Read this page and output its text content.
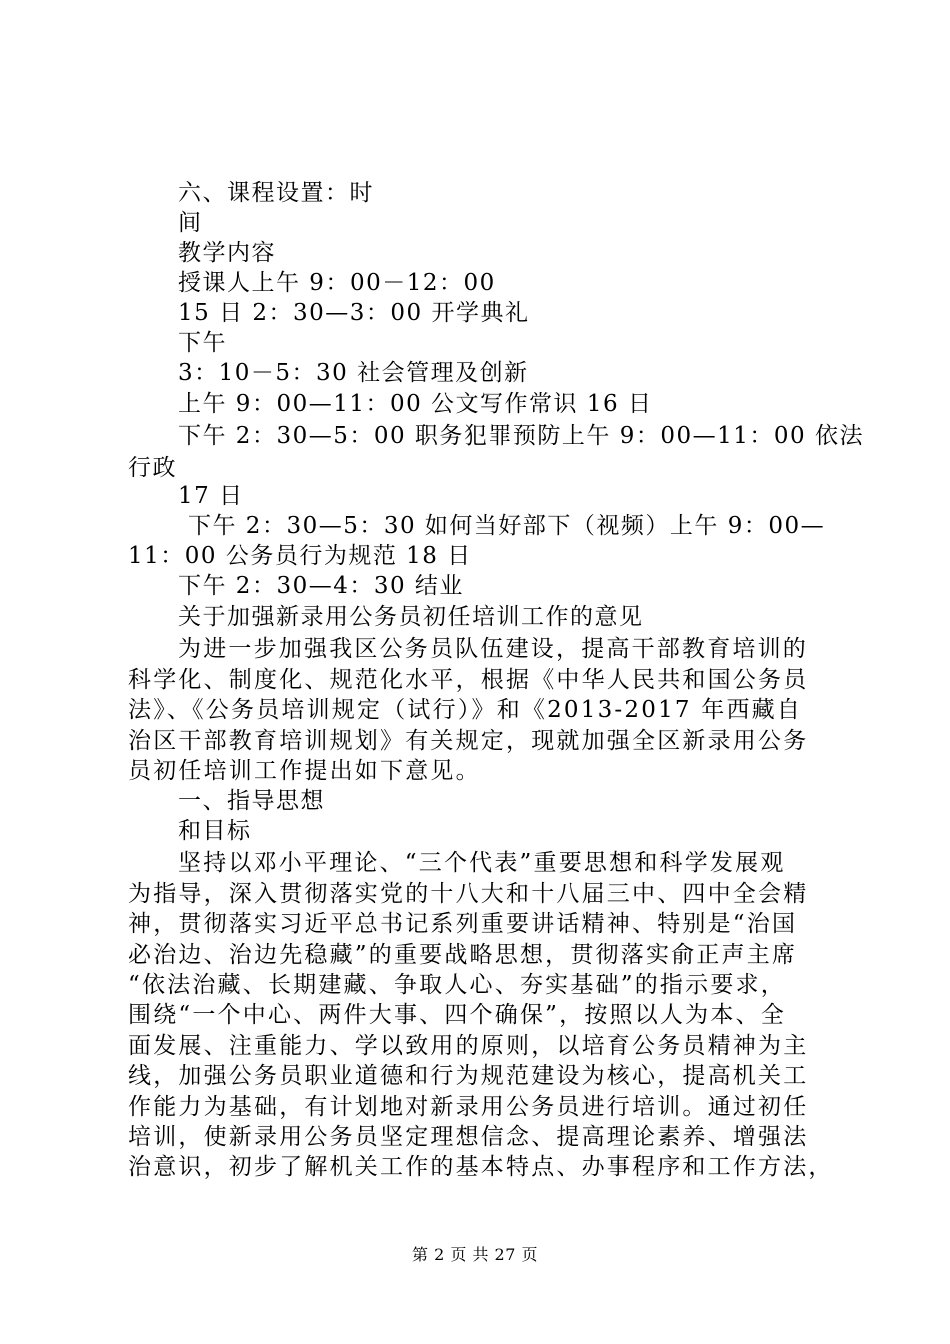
六、课程设置：时
间
教学内容
授课人上午 9：00－12：00
15 日 2：30—3：00 开学典礼
下午
3：10－5：30 社会管理及创新
上午 9：00—11：00 公文写作常识 16 日
下午 2：30—5：00 职务犯罪预防上午 9：00—11：00 依法
行政
17 日
下午 2：30—5：30 如何当好部下（视频）上午 9：00—
11：00 公务员行为规范 18 日
下午 2：30—4：30 结业
关于加强新录用公务员初任培训工作的意见
为进一步加强我区公务员队伍建设，提高干部教育培训的
科学化、制度化、规范化水平，根据《中华人民共和国公务员
法》、《公务员培训规定（试行）》和《2013-2017 年西藏自
治区干部教育培训规划》有关规定，现就加强全区新录用公务
员初任培训工作提出如下意见。
一、指导思想
和目标
坚持以邓小平理论、“三个代表”重要思想和科学发展观
为指导，深入贯彻落实党的十八大和十八届三中、四中全会精
神，贯彻落实习近平总书记系列重要讲话精神、特别是“治国
必治边、治边先稳藏”的重要战略思想，贯彻落实俞正声主席
“依法治藏、长期建藏、争取人心、夯实基础”的指示要求，
围绕“一个中心、两件大事、四个确保”，按照以人为本、全
面发展、注重能力、学以致用的原则，以培育公务员精神为主
线，加强公务员职业道德和行为规范建设为核心，提高机关工
作能力为基础，有计划地对新录用公务员进行培训。通过初任
培训，使新录用公务员坚定理想信念、提高理论素养、增强法
治意识，初步了解机关工作的基本特点、办事程序和工作方法，
第 2 页 共 27 页
